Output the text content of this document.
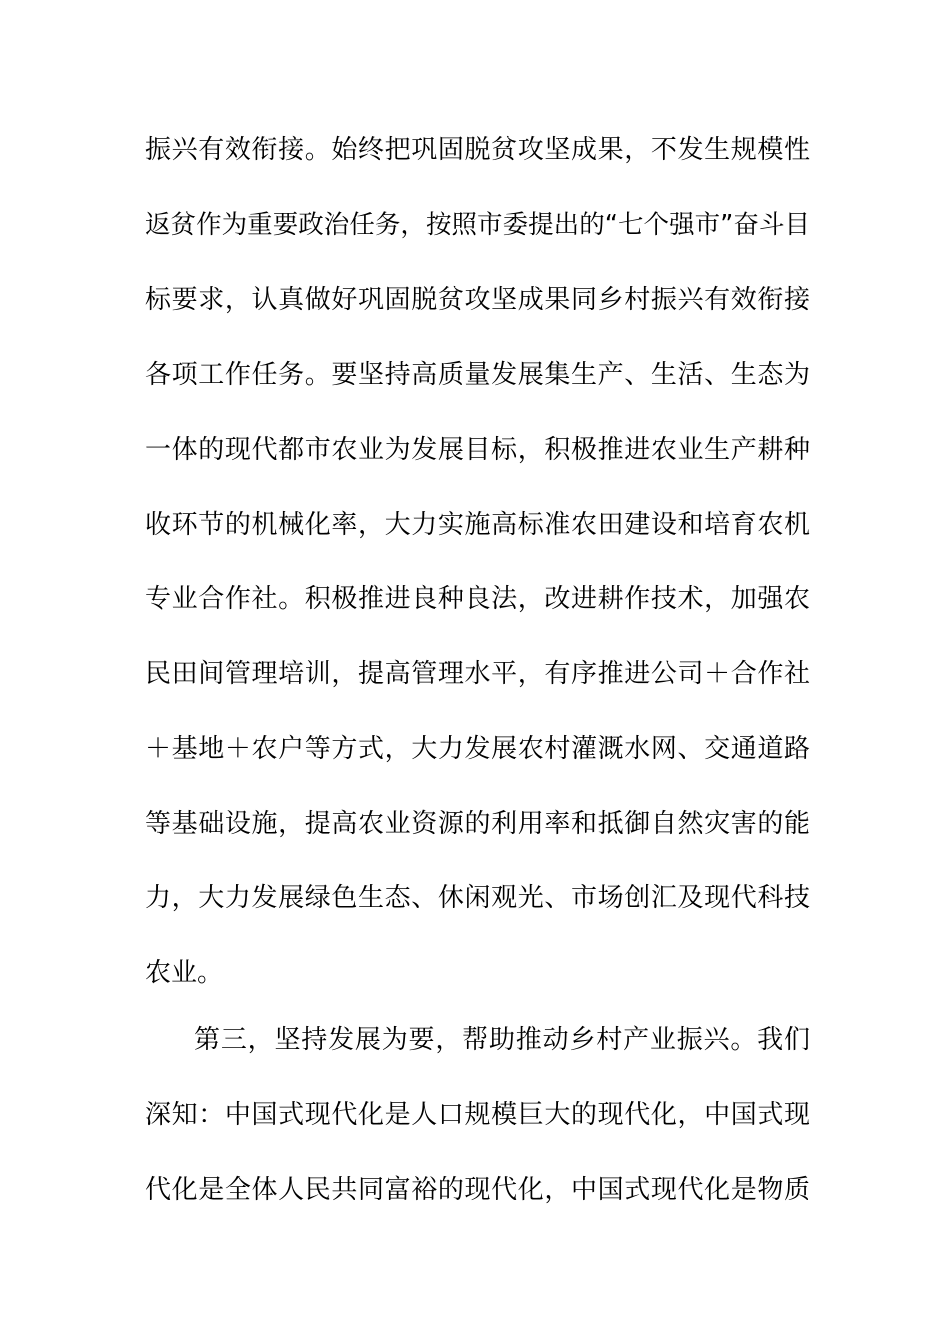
振兴有效衔接。始终把巩固脱贫攻坚成果，不发生规模性
返贫作为重要政治任务，按照市委提出的“七个强市”奋斗目
标要求，认真做好巩固脱贫攻坚成果同乡村振兴有效衔接
各项工作任务。要坚持高质量发展集生产、生活、生态为
一体的现代都市农业为发展目标，积极推进农业生产耕种
收环节的机械化率，大力实施高标准农田建设和培育农机
专业合作社。积极推进良种良法，改进耕作技术，加强农
民田间管理培训，提高管理水平，有序推进公司＋合作社
＋基地＋农户等方式，大力发展农村灌溉水网、交通道路
等基础设施，提高农业资源的利用率和抵御自然灾害的能
力，大力发展绿色生态、休闲观光、市场创汇及现代科技
农业。
第三，坚持发展为要，帮助推动乡村产业振兴。我们
深知：中国式现代化是人口规模巨大的现代化，中国式现
代化是全体人民共同富裕的现代化，中国式现代化是物质
